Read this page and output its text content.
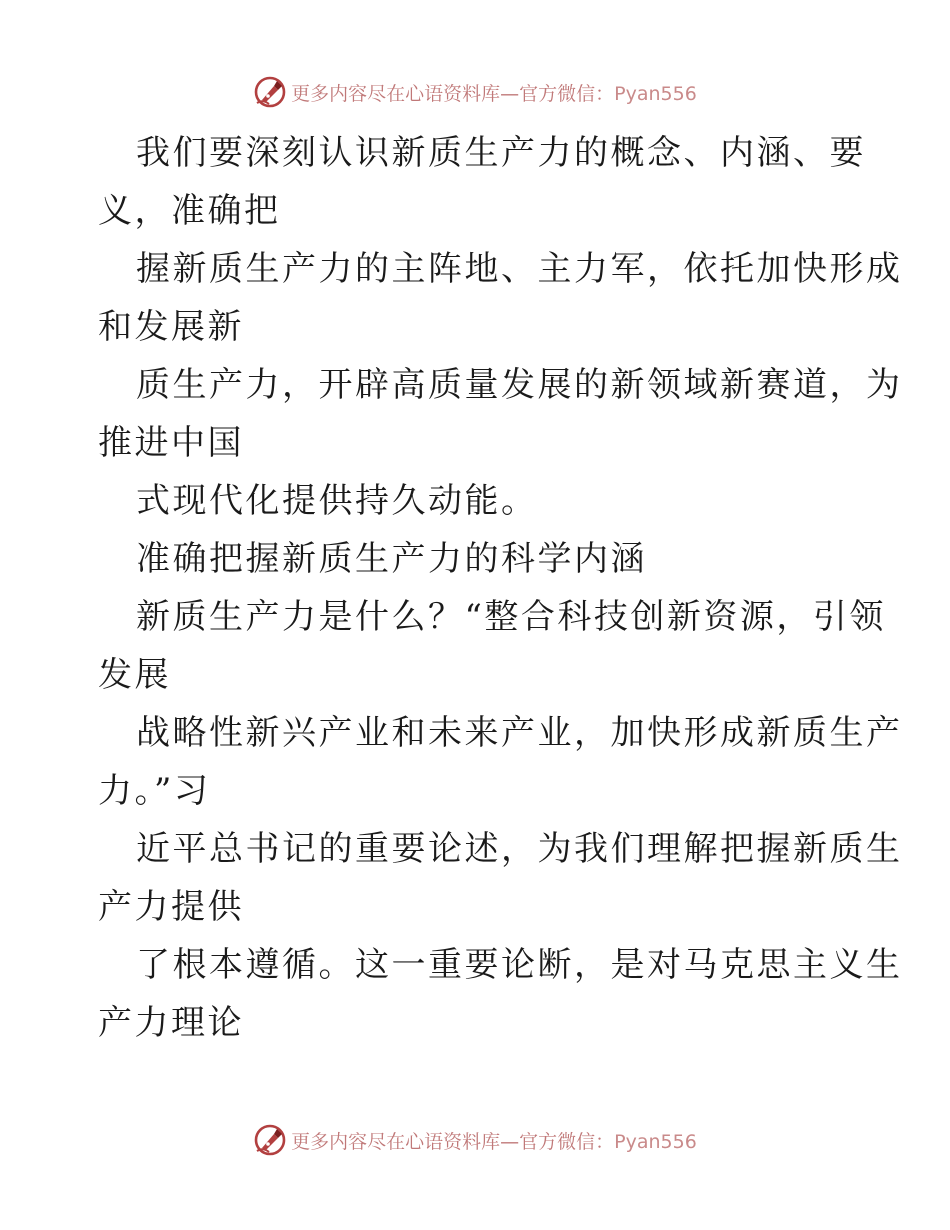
更多内容尽在心语资料库—官方微信：Pyan556
我们要深刻认识新质生产力的概念、内涵、要
义，准确把
握新质生产力的主阵地、主力军，依托加快形成
和发展新
质生产力，开辟高质量发展的新领域新赛道，为
推进中国
式现代化提供持久动能。
准确把握新质生产力的科学内涵
新质生产力是什么？“整合科技创新资源，引领
发展
战略性新兴产业和未来产业，加快形成新质生产
力。”习
近平总书记的重要论述，为我们理解把握新质生
产力提供
了根本遵循。这一重要论断，是对马克思主义生
产力理论
更多内容尽在心语资料库—官方微信：Pyan556
